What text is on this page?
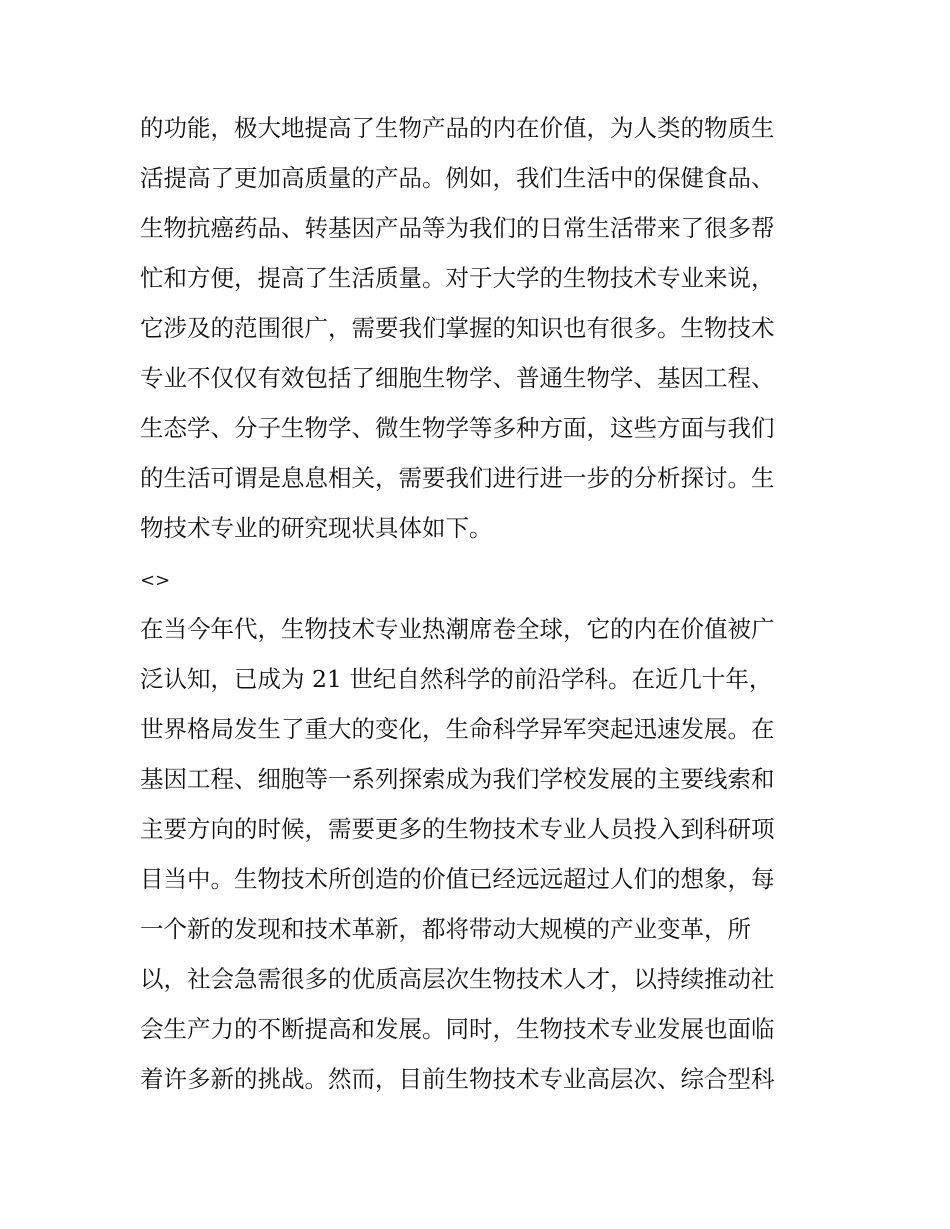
的功能，极大地提高了生物产品的内在价值，为人类的物质生
活提高了更加高质量的产品。例如，我们生活中的保健食品、
生物抗癌药品、转基因产品等为我们的日常生活带来了很多帮
忙和方便，提高了生活质量。对于大学的生物技术专业来说，
它涉及的范围很广，需要我们掌握的知识也有很多。生物技术
专业不仅仅有效包括了细胞生物学、普通生物学、基因工程、
生态学、分子生物学、微生物学等多种方面，这些方面与我们
的生活可谓是息息相关，需要我们进行进一步的分析探讨。生
物技术专业的研究现状具体如下。
<>
在当今年代，生物技术专业热潮席卷全球，它的内在价值被广
泛认知，已成为 21 世纪自然科学的前沿学科。在近几十年，
世界格局发生了重大的变化，生命科学异军突起迅速发展。在
基因工程、细胞等一系列探索成为我们学校发展的主要线索和
主要方向的时候，需要更多的生物技术专业人员投入到科研项
目当中。生物技术所创造的价值已经远远超过人们的想象，每
一个新的发现和技术革新，都将带动大规模的产业变革，所
以，社会急需很多的优质高层次生物技术人才，以持续推动社
会生产力的不断提高和发展。同时，生物技术专业发展也面临
着许多新的挑战。然而，目前生物技术专业高层次、综合型科
